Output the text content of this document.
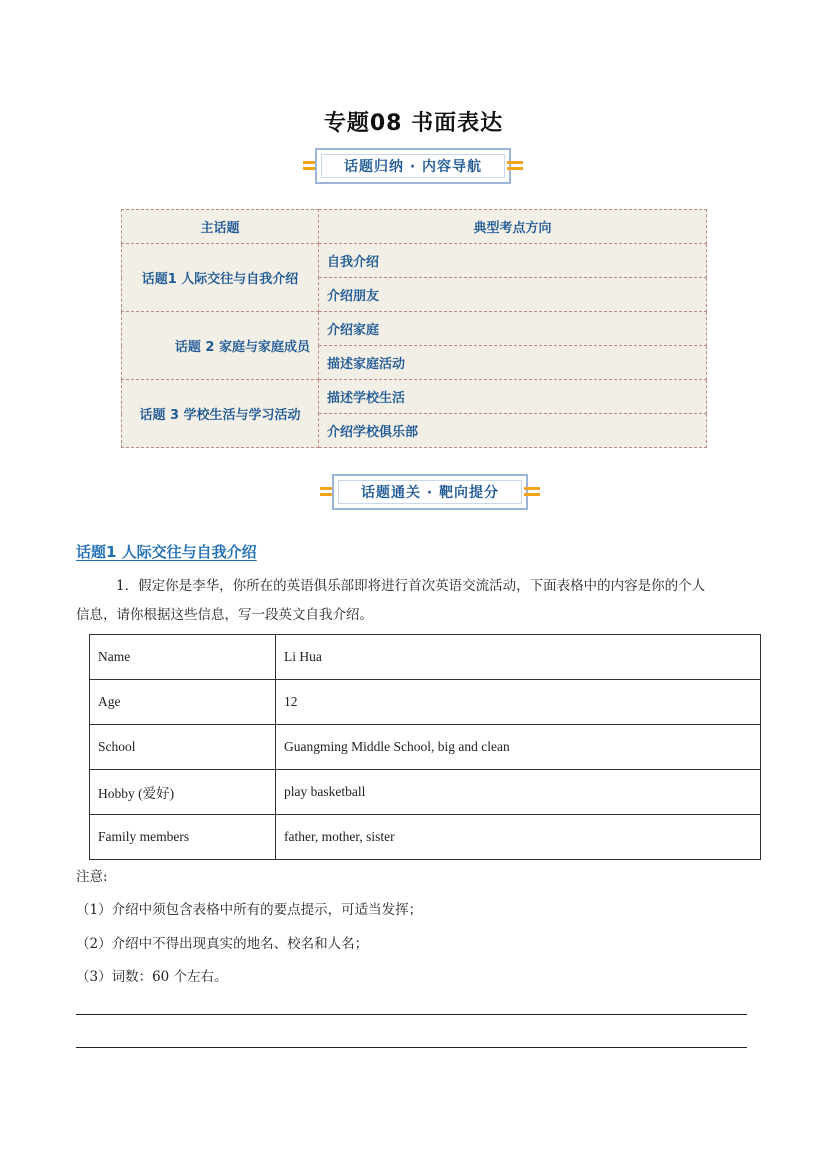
专题08 书面表达
话题归纳 · 内容导航
主话题	典型考点方向
话题1 人际交往与自我介绍	自我介绍
	介绍朋友
话题 2 家庭与家庭成员	介绍家庭
	描述家庭活动
话题 3 学校生活与学习活动	描述学校生活
	介绍学校俱乐部
话题通关 · 靶向提分
话题1 人际交往与自我介绍
1．假定你是李华，你所在的英语俱乐部即将进行首次英语交流活动，下面表格中的内容是你的个人
信息，请你根据这些信息，写一段英文自我介绍。
Name	Li Hua
Age	12
School	Guangming Middle School, big and clean
Hobby (爱好)	play basketball
Family members	father, mother, sister
注意:
（1）介绍中须包含表格中所有的要点提示，可适当发挥；
（2）介绍中不得出现真实的地名、校名和人名；
（3）词数：60 个左右。
